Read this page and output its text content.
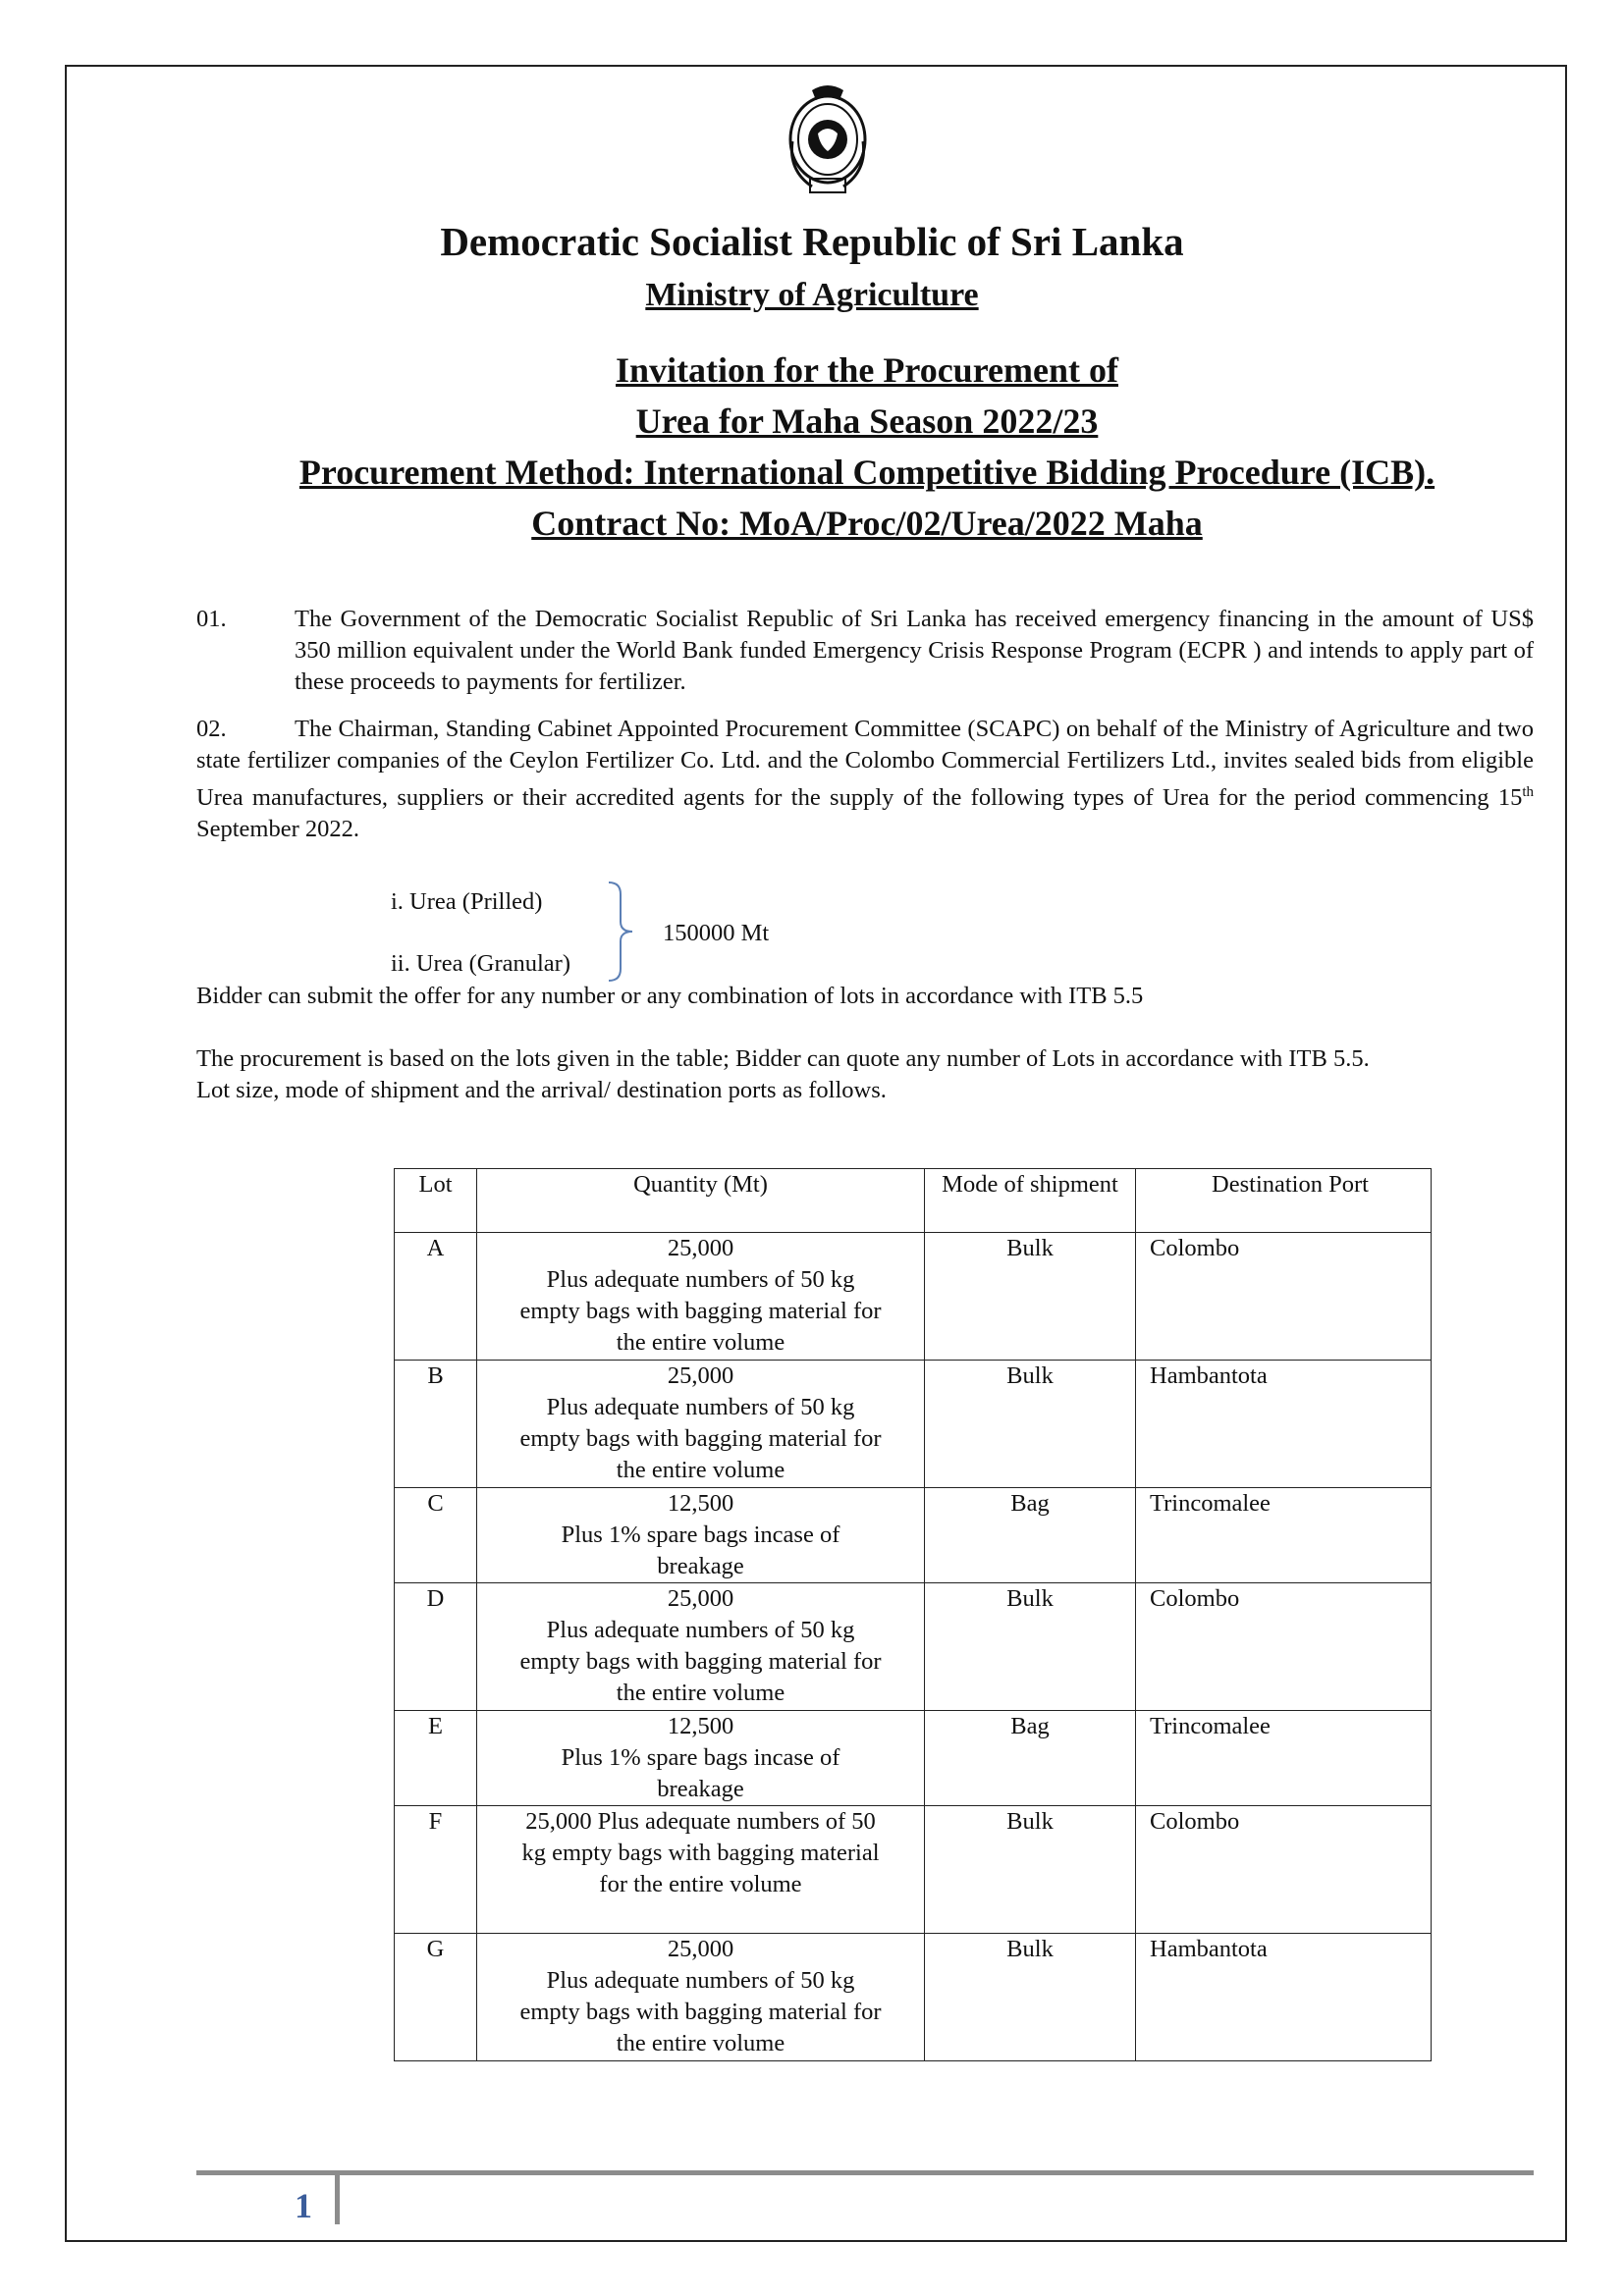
Democratic Socialist Republic of Sri Lanka
Ministry of Agriculture
Invitation for the Procurement of
Urea for Maha Season 2022/23
Procurement Method: International Competitive Bidding Procedure (ICB).
Contract No: MoA/Proc/02/Urea/2022 Maha
01.	The Government of the Democratic Socialist Republic of Sri Lanka has received emergency financing in the amount of US$ 350 million equivalent under the World Bank funded Emergency Crisis Response Program (ECPR ) and intends to apply part of these proceeds to payments for fertilizer.
02.	The Chairman, Standing Cabinet Appointed Procurement Committee (SCAPC) on behalf of the Ministry of Agriculture and two state fertilizer companies of the Ceylon Fertilizer Co. Ltd. and the Colombo Commercial Fertilizers Ltd., invites sealed bids from eligible Urea manufactures, suppliers or their accredited agents for the supply of the following types of Urea for the period commencing 15th September 2022.
i. Urea (Prilled)
ii. Urea (Granular)
150000 Mt
Bidder can submit the offer for any number or any combination of lots in accordance with ITB 5.5
The procurement is based on the lots given in the table; Bidder can quote any number of Lots in accordance with ITB 5.5.
Lot size, mode of shipment and the arrival/ destination ports as follows.
Lot	Quantity (Mt)	Mode of shipment	Destination Port
A	25,000
Plus adequate numbers of 50 kg
empty bags with bagging material for
the entire volume	Bulk	Colombo
B	25,000
Plus adequate numbers of 50 kg
empty bags with bagging material for
the entire volume	Bulk	Hambantota
C	12,500
Plus 1% spare bags incase of
breakage	Bag	Trincomalee
D	25,000
Plus adequate numbers of 50 kg
empty bags with bagging material for
the entire volume	Bulk	Colombo
E	12,500
Plus 1% spare bags incase of
breakage	Bag	Trincomalee
F	25,000 Plus adequate numbers of 50
kg empty bags with bagging material
for the entire volume	Bulk	Colombo
G	25,000
Plus adequate numbers of 50 kg
empty bags with bagging material for
the entire volume	Bulk	Hambantota
1
